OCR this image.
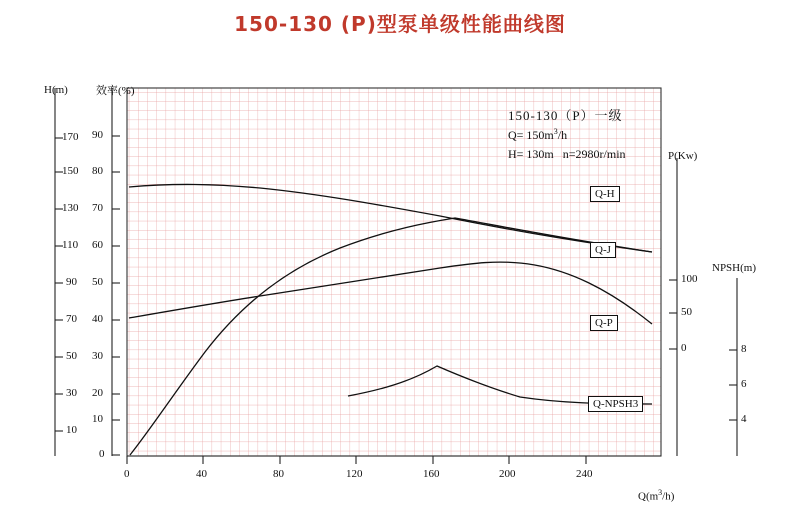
150-130 (P)型泵单级性能曲线图
H(m)	效率(%)
P(Kw)
NPSH(m)
$Q(m^3/h)$
170
150
130
110
90
70
50
30
10
90
80
70
60
50
40
30
20
10
0
100
50
0	8
6
4
0	40	80	120	160	200	240
150-130（P）一级
$Q= 150m^3/h$
H= 130m   n=2980r/min
Q-H
Q-J
Q-P
Q-NPSH3
